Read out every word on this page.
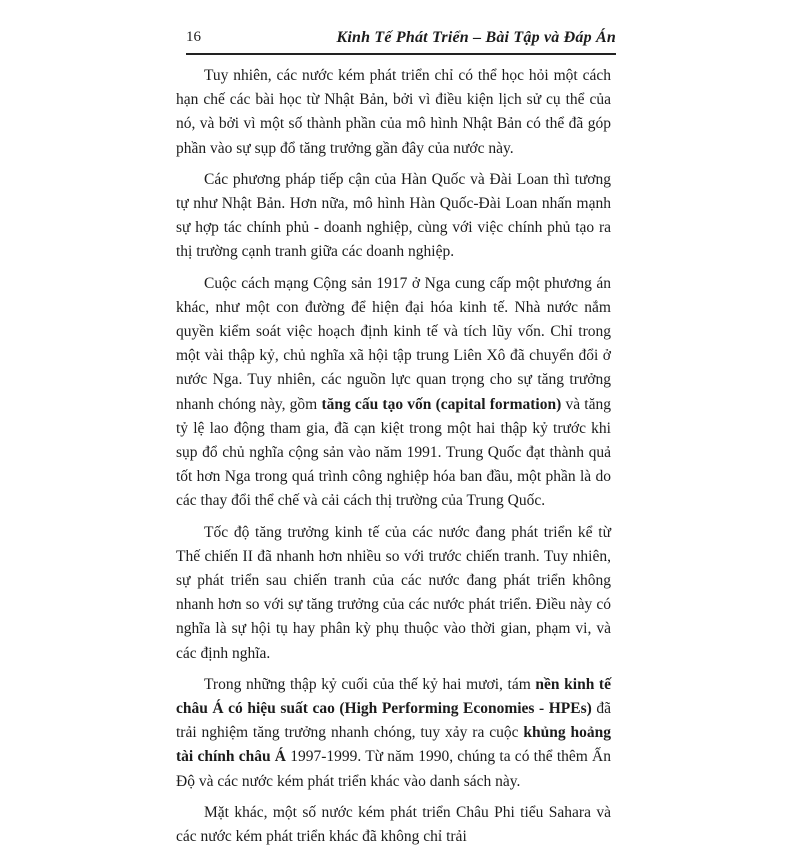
16	Kinh Tế Phát Triển – Bài Tập và Đáp Án

Tuy nhiên, các nước kém phát triển chỉ có thể học hỏi một cách hạn chế các bài học từ Nhật Bản, bởi vì điều kiện lịch sử cụ thể của nó, và bởi vì một số thành phần của mô hình Nhật Bản có thể đã góp phần vào sự sụp đổ tăng trưởng gần đây của nước này.

Các phương pháp tiếp cận của Hàn Quốc và Đài Loan thì tương tự như Nhật Bản. Hơn nữa, mô hình Hàn Quốc-Đài Loan nhấn mạnh sự hợp tác chính phủ - doanh nghiệp, cùng với việc chính phủ tạo ra thị trường cạnh tranh giữa các doanh nghiệp.

Cuộc cách mạng Cộng sản 1917 ở Nga cung cấp một phương án khác, như một con đường để hiện đại hóa kinh tế. Nhà nước nắm quyền kiểm soát việc hoạch định kinh tế và tích lũy vốn. Chỉ trong một vài thập kỷ, chủ nghĩa xã hội tập trung Liên Xô đã chuyển đổi ở nước Nga. Tuy nhiên, các nguồn lực quan trọng cho sự tăng trưởng nhanh chóng này, gồm tăng cấu tạo vốn (capital formation) và tăng tỷ lệ lao động tham gia, đã cạn kiệt trong một hai thập kỷ trước khi sụp đổ chủ nghĩa cộng sản vào năm 1991. Trung Quốc đạt thành quả tốt hơn Nga trong quá trình công nghiệp hóa ban đầu, một phần là do các thay đổi thể chế và cải cách thị trường của Trung Quốc.

Tốc độ tăng trưởng kinh tế của các nước đang phát triển kể từ Thế chiến II đã nhanh hơn nhiều so với trước chiến tranh. Tuy nhiên, sự phát triển sau chiến tranh của các nước đang phát triển không nhanh hơn so với sự tăng trưởng của các nước phát triển. Điều này có nghĩa là sự hội tụ hay phân kỳ phụ thuộc vào thời gian, phạm vi, và các định nghĩa.

Trong những thập kỷ cuối của thế kỷ hai mươi, tám nền kinh tế châu Á có hiệu suất cao (High Performing Economies - HPEs) đã trải nghiệm tăng trưởng nhanh chóng, tuy xảy ra cuộc khủng hoảng tài chính châu Á 1997-1999. Từ năm 1990, chúng ta có thể thêm Ấn Độ và các nước kém phát triển khác vào danh sách này.

Mặt khác, một số nước kém phát triển Châu Phi tiểu Sahara và các nước kém phát triển khác đã không chỉ trải
